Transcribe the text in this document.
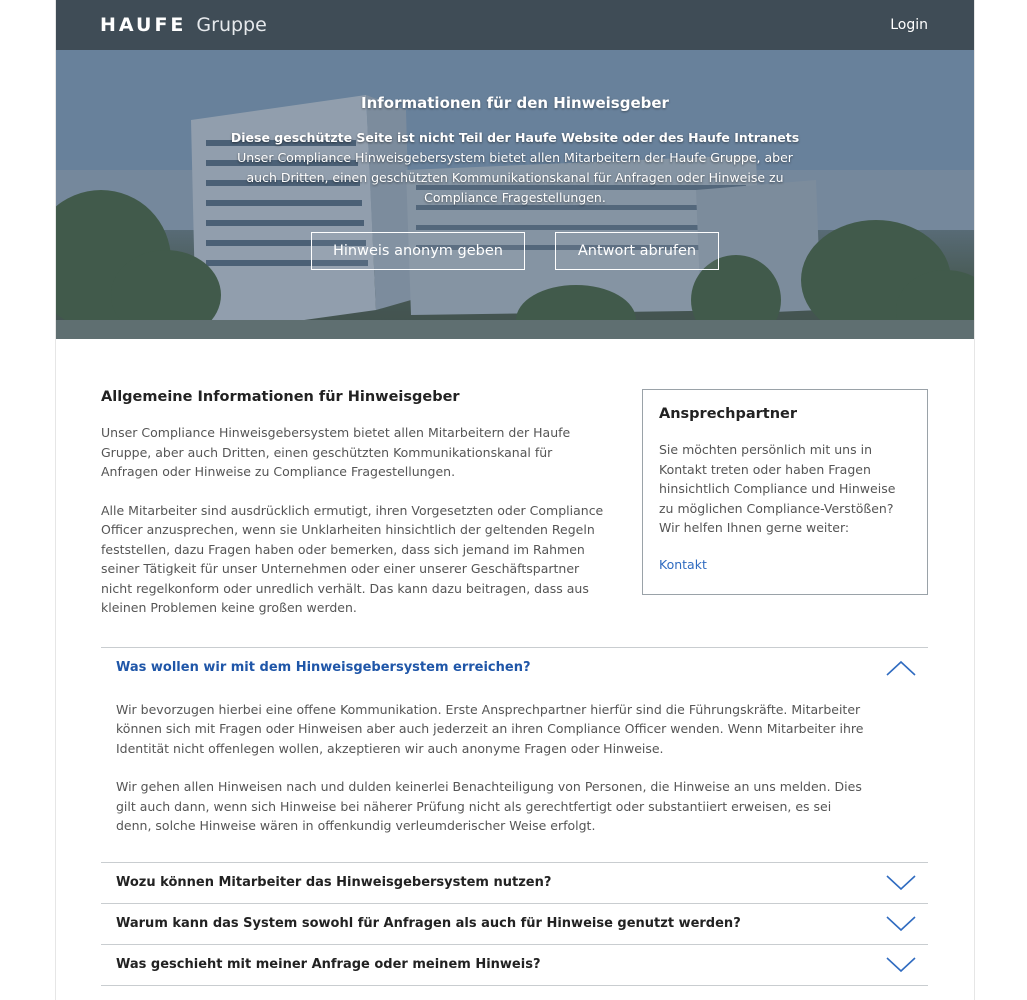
HAUFE Gruppe	Login
Informationen für den Hinweisgeber
Diese geschützte Seite ist nicht Teil der Haufe Website oder des Haufe Intranets
Unser Compliance Hinweisgebersystem bietet allen Mitarbeitern der Haufe Gruppe, aber auch Dritten, einen geschützten Kommunikationskanal für Anfragen oder Hinweise zu Compliance Fragestellungen.
Hinweis anonym geben	Antwort abrufen
Allgemeine Informationen für Hinweisgeber

Unser Compliance Hinweisgebersystem bietet allen Mitarbeitern der Haufe Gruppe, aber auch Dritten, einen geschützten Kommunikationskanal für Anfragen oder Hinweise zu Compliance Fragestellungen.

Alle Mitarbeiter sind ausdrücklich ermutigt, ihren Vorgesetzten oder Compliance Officer anzusprechen, wenn sie Unklarheiten hinsichtlich der geltenden Regeln feststellen, dazu Fragen haben oder bemerken, dass sich jemand im Rahmen seiner Tätigkeit für unser Unternehmen oder einer unserer Geschäftspartner nicht regelkonform oder unredlich verhält. Das kann dazu beitragen, dass aus kleinen Problemen keine großen werden.

Ansprechpartner
Sie möchten persönlich mit uns in Kontakt treten oder haben Fragen hinsichtlich Compliance und Hinweise zu möglichen Compliance-Verstößen? Wir helfen Ihnen gerne weiter:
Kontakt
Was wollen wir mit dem Hinweisgebersystem erreichen?

Wir bevorzugen hierbei eine offene Kommunikation. Erste Ansprechpartner hierfür sind die Führungskräfte. Mitarbeiter können sich mit Fragen oder Hinweisen aber auch jederzeit an ihren Compliance Officer wenden. Wenn Mitarbeiter ihre Identität nicht offenlegen wollen, akzeptieren wir auch anonyme Fragen oder Hinweise.

Wir gehen allen Hinweisen nach und dulden keinerlei Benachteiligung von Personen, die Hinweise an uns melden. Dies gilt auch dann, wenn sich Hinweise bei näherer Prüfung nicht als gerechtfertigt oder substantiiert erweisen, es sei denn, solche Hinweise wären in offenkundig verleumderischer Weise erfolgt.

Wozu können Mitarbeiter das Hinweisgebersystem nutzen?
Warum kann das System sowohl für Anfragen als auch für Hinweise genutzt werden?
Was geschieht mit meiner Anfrage oder meinem Hinweis?
